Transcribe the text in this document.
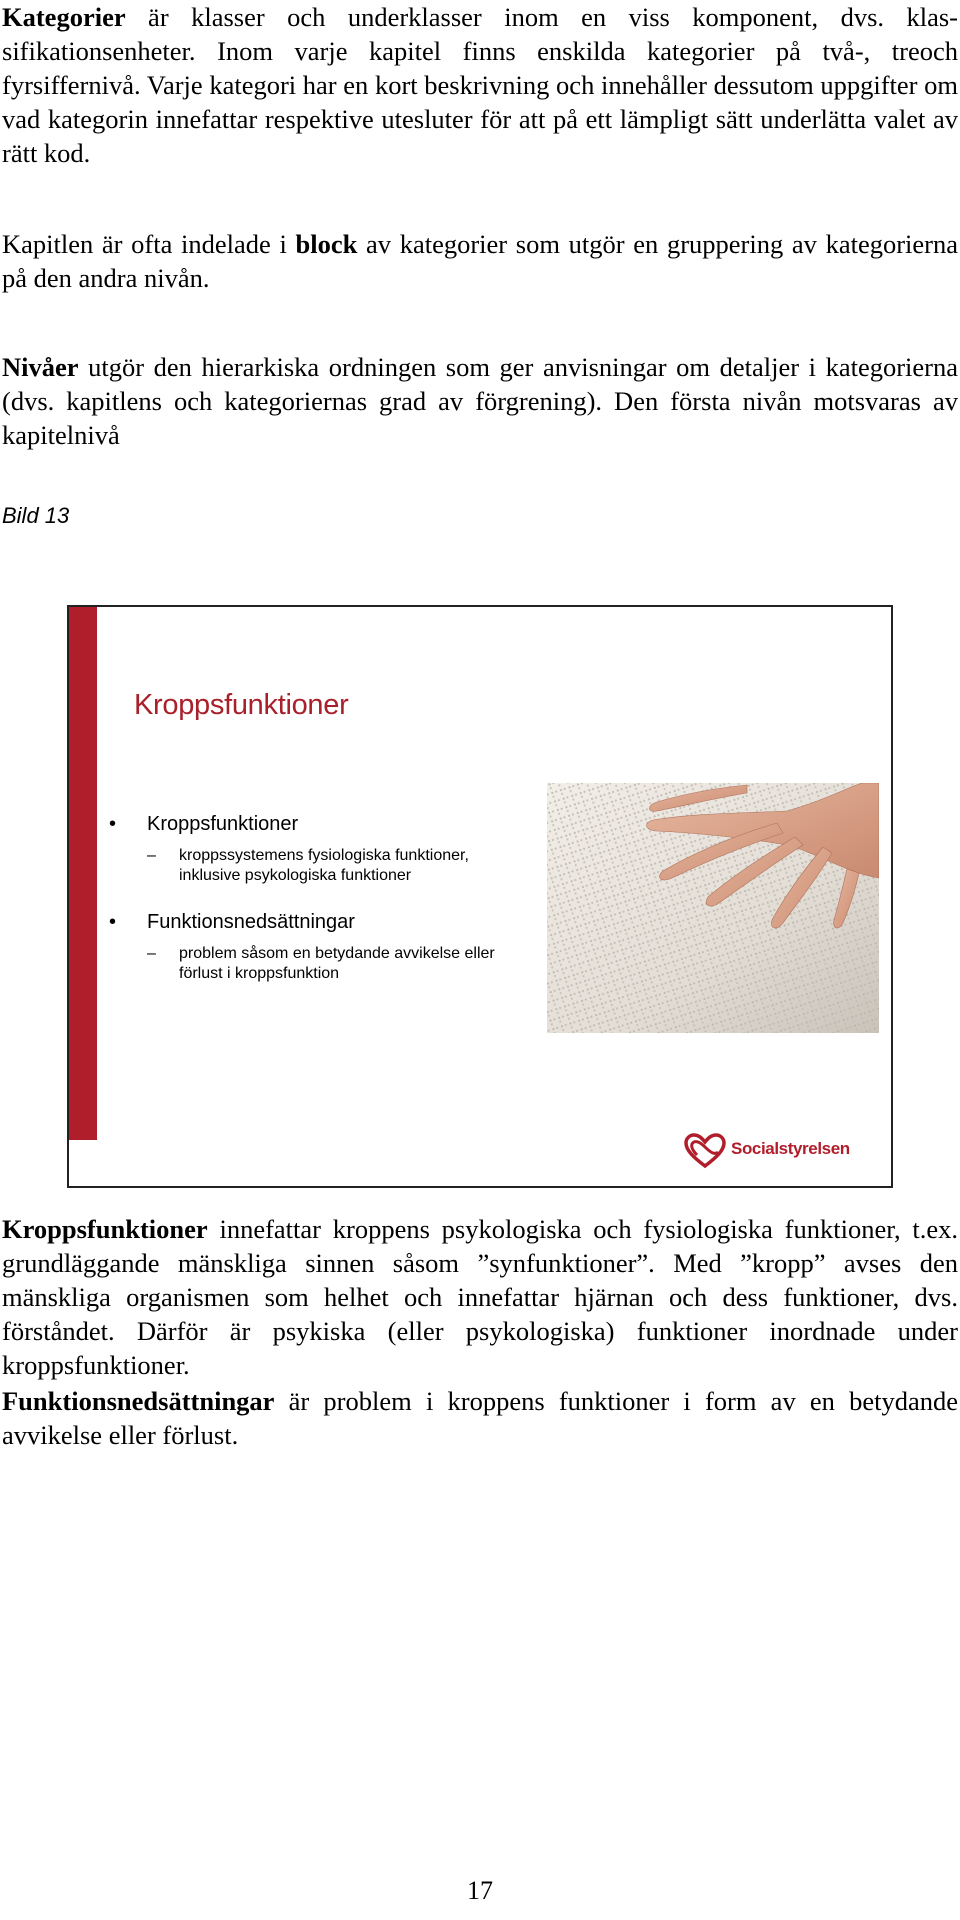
Kategorier är klasser och underklasser inom en viss komponent, dvs. klassifikationsenheter. Inom varje kapitel finns enskilda kategorier på två-, treoch fyrsiffernivå. Varje kategori har en kort beskrivning och innehåller dessutom uppgifter om vad kategorin innefattar respektive utesluter för att på ett lämpligt sätt underlätta valet av rätt kod.

Kapitlen är ofta indelade i block av kategorier som utgör en gruppering av kategorierna på den andra nivån.

Nivåer utgör den hierarkiska ordningen som ger anvisningar om detaljer i kategorierna (dvs. kapitlens och kategoriernas grad av förgrening). Den första nivån motsvaras av kapitelnivå

Bild 13
Kroppsfunktioner
• Kroppsfunktioner
– kroppssystemens fysiologiska funktioner, inklusive psykologiska funktioner
• Funktionsnedsättningar
– problem såsom en betydande avvikelse eller förlust i kroppsfunktion
Socialstyrelsen

Kroppsfunktioner innefattar kroppens psykologiska och fysiologiska funktioner, t.ex. grundläggande mänskliga sinnen såsom ”synfunktioner”. Med ”kropp” avses den mänskliga organismen som helhet och innefattar hjärnan och dess funktioner, dvs. förståndet. Därför är psykiska (eller psykologiska) funktioner inordnade under kroppsfunktioner.

Funktionsnedsättningar är problem i kroppens funktioner i form av en betydande avvikelse eller förlust.

17
